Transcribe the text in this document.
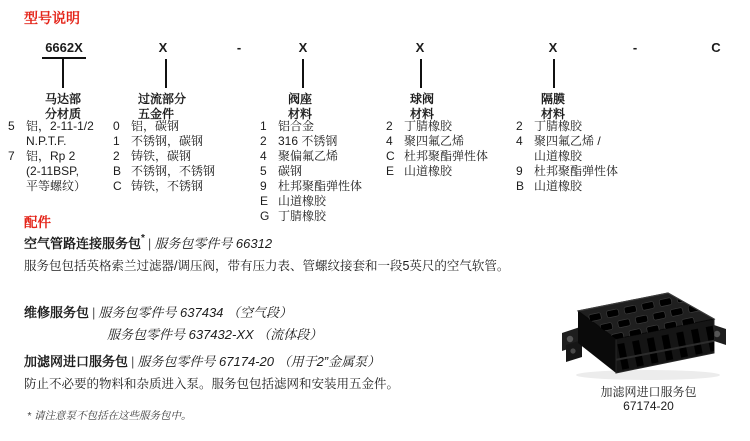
型号说明
6662X	X	-	X	X	X	-	C
马达部
分材质
过流部分
五金件
阀座
材料
球阀
材料
隔膜
材料
5 铝，2-11-1/2
N.P.T.F.
7 铝，Rp 2
(2-11BSP,
平等螺纹）
0 铝，碳钢
1 不锈钢，碳钢
2 铸铁，碳钢
B 不锈钢，不锈钢
C 铸铁，不锈钢
1 铝合金
2 316 不锈钢
4 聚偏氟乙烯
5 碳钢
9 杜邦聚酯弹性体
E 山道橡胶
G 丁腈橡胶
2 丁腈橡胶
4 聚四氟乙烯
C 杜邦聚酯弹性体
E 山道橡胶
2 丁腈橡胶
4 聚四氟乙烯 /
山道橡胶
9 杜邦聚酯弹性体
B 山道橡胶
配件
空气管路连接服务包* | 服务包零件号 66312
服务包包括英格索兰过滤器/调压阀，带有压力表、管螺纹接套和一段5英尺的空气软管。
维修服务包 | 服务包零件号 637434 （空气段）
服务包零件号 637432-XX （流体段）
加滤网进口服务包 | 服务包零件号 67174-20 （用于2”金属泵）
防止不必要的物料和杂质进入泵。服务包包括滤网和安装用五金件。
* 请注意泵不包括在这些服务包中。
加滤网进口服务包
67174-20
